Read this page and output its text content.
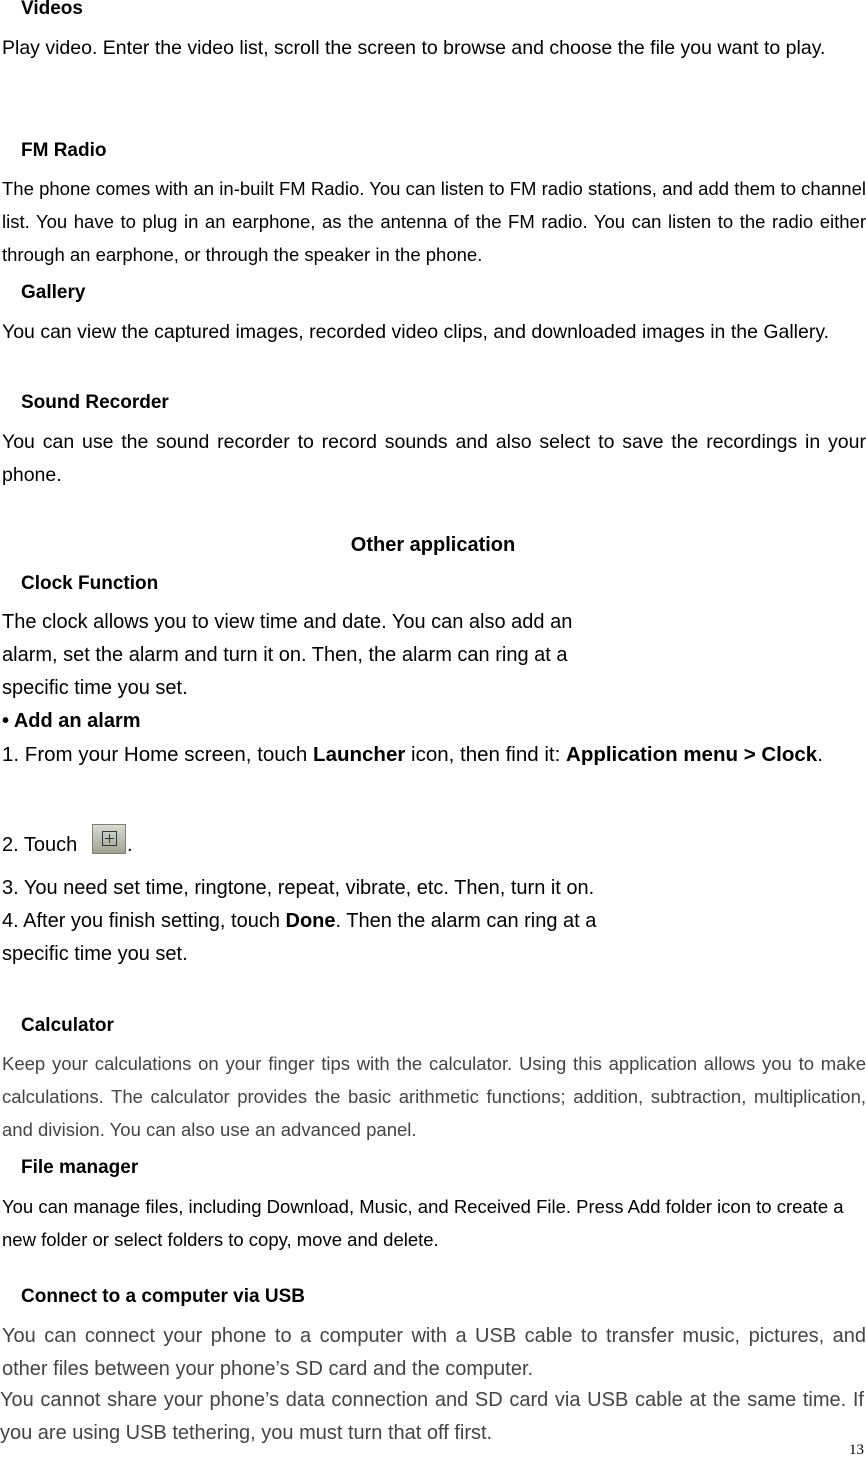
Videos
Play video. Enter the video list, scroll the screen to browse and choose the file you want to play.
FM Radio
The phone comes with an in-built FM Radio. You can listen to FM radio stations, and add them to channel list. You have to plug in an earphone, as the antenna of the FM radio. You can listen to the radio either through an earphone, or through the speaker in the phone.
Gallery
You can view the captured images, recorded video clips, and downloaded images in the Gallery.
Sound Recorder
You can use the sound recorder to record sounds and also select to save the recordings in your phone.
Other application
Clock Function
The clock allows you to view time and date. You can also add an
alarm, set the alarm and turn it on. Then, the alarm can ring at a
specific time you set.
• Add an alarm
1. From your Home screen, touch Launcher icon, then find it: Application menu > Clock.
2. Touch .
3. You need set time, ringtone, repeat, vibrate, etc. Then, turn it on.
4. After you finish setting, touch Done. Then the alarm can ring at a
specific time you set.
Calculator
Keep your calculations on your finger tips with the calculator. Using this application allows you to make calculations. The calculator provides the basic arithmetic functions; addition, subtraction, multiplication, and division. You can also use an advanced panel.
File manager
You can manage files, including Download, Music, and Received File. Press Add folder icon to create a new folder or select folders to copy, move and delete.
Connect to a computer via USB
You can connect your phone to a computer with a USB cable to transfer music, pictures, and other files between your phone’s SD card and the computer.
You cannot share your phone’s data connection and SD card via USB cable at the same time. If you are using USB tethering, you must turn that off first.
13
